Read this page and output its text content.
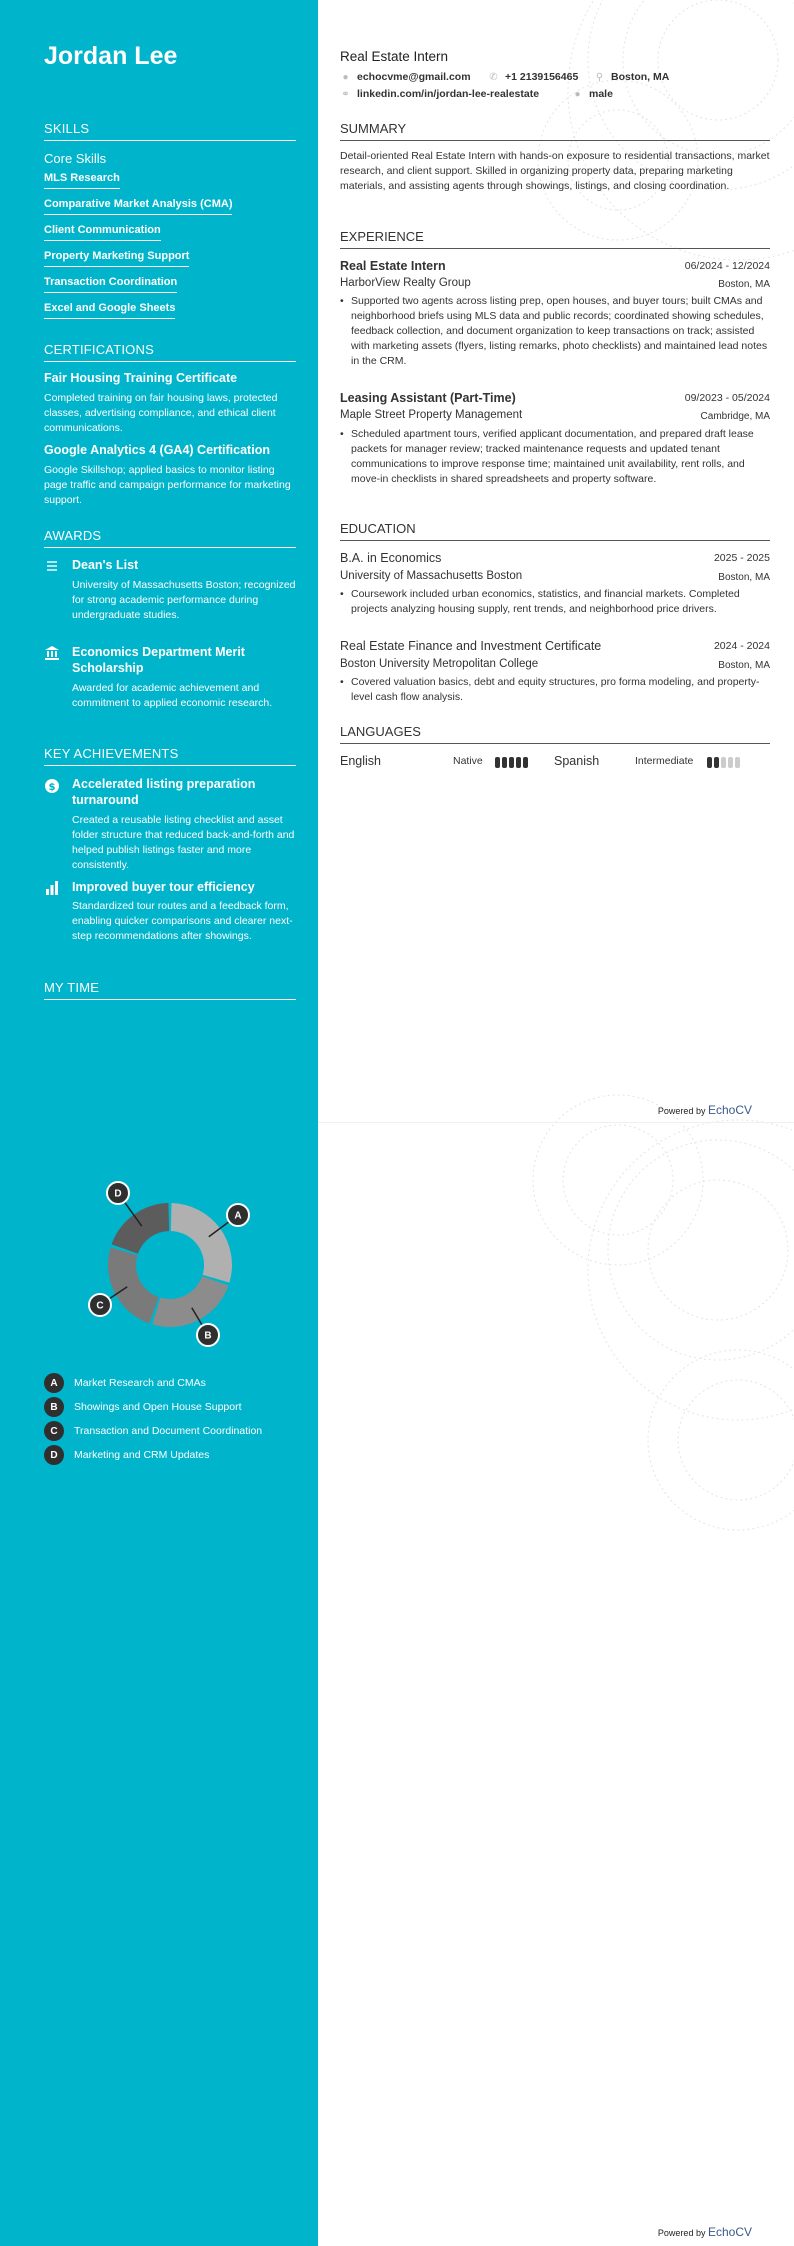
Jordan Lee
SKILLS
Core Skills
MLS Research
Comparative Market Analysis (CMA)
Client Communication
Property Marketing Support
Transaction Coordination
Excel and Google Sheets
CERTIFICATIONS
Fair Housing Training Certificate
Completed training on fair housing laws, protected classes, advertising compliance, and ethical client communications.
Google Analytics 4 (GA4) Certification
Google Skillshop; applied basics to monitor listing page traffic and campaign performance for marketing support.
AWARDS
Dean's List
University of Massachusetts Boston; recognized for strong academic performance during undergraduate studies.
Economics Department Merit Scholarship
Awarded for academic achievement and commitment to applied economic research.
KEY ACHIEVEMENTS
$ Accelerated listing preparation turnaround
Created a reusable listing checklist and asset folder structure that reduced back-and-forth and helped publish listings faster and more consistently.
Improved buyer tour efficiency
Standardized tour routes and a feedback form, enabling quicker comparisons and clearer next-step recommendations after showings.
MY TIME
A
B
C
D
A	Market Research and CMAs
B	Showings and Open House Support
C	Transaction and Document Coordination
D	Marketing and CRM Updates
Real Estate Intern
● echocvme@gmail.com ✆ +1 2139156465 ⚲ Boston, MA
⚭ linkedin.com/in/jordan-lee-realestate	● male
SUMMARY
Detail-oriented Real Estate Intern with hands-on exposure to residential transactions, market research, and client support. Skilled in organizing property data, preparing marketing materials, and assisting agents through showings, listings, and closing coordination.
EXPERIENCE
Real Estate Intern	06/2024 - 12/2024
HarborView Realty Group	Boston, MA
• Supported two agents across listing prep, open houses, and buyer tours; built CMAs and neighborhood briefs using MLS data and public records; coordinated showing schedules, feedback collection, and document organization to keep transactions on track; assisted with marketing assets (flyers, listing remarks, photo checklists) and maintained lead notes in the CRM.
Leasing Assistant (Part-Time)	09/2023 - 05/2024
Maple Street Property Management	Cambridge, MA
• Scheduled apartment tours, verified applicant documentation, and prepared draft lease packets for manager review; tracked maintenance requests and updated tenant communications to improve response time; maintained unit availability, rent rolls, and move-in checklists in shared spreadsheets and property software.
EDUCATION
B.A. in Economics	2025 - 2025
University of Massachusetts Boston	Boston, MA
• Coursework included urban economics, statistics, and financial markets. Completed projects analyzing housing supply, rent trends, and neighborhood price drivers.
Real Estate Finance and Investment Certificate	2024 - 2024
Boston University Metropolitan College	Boston, MA
• Covered valuation basics, debt and equity structures, pro forma modeling, and property-level cash flow analysis.
LANGUAGES
English	Native	Spanish	Intermediate
Powered by EchoCV
Powered by EchoCV
